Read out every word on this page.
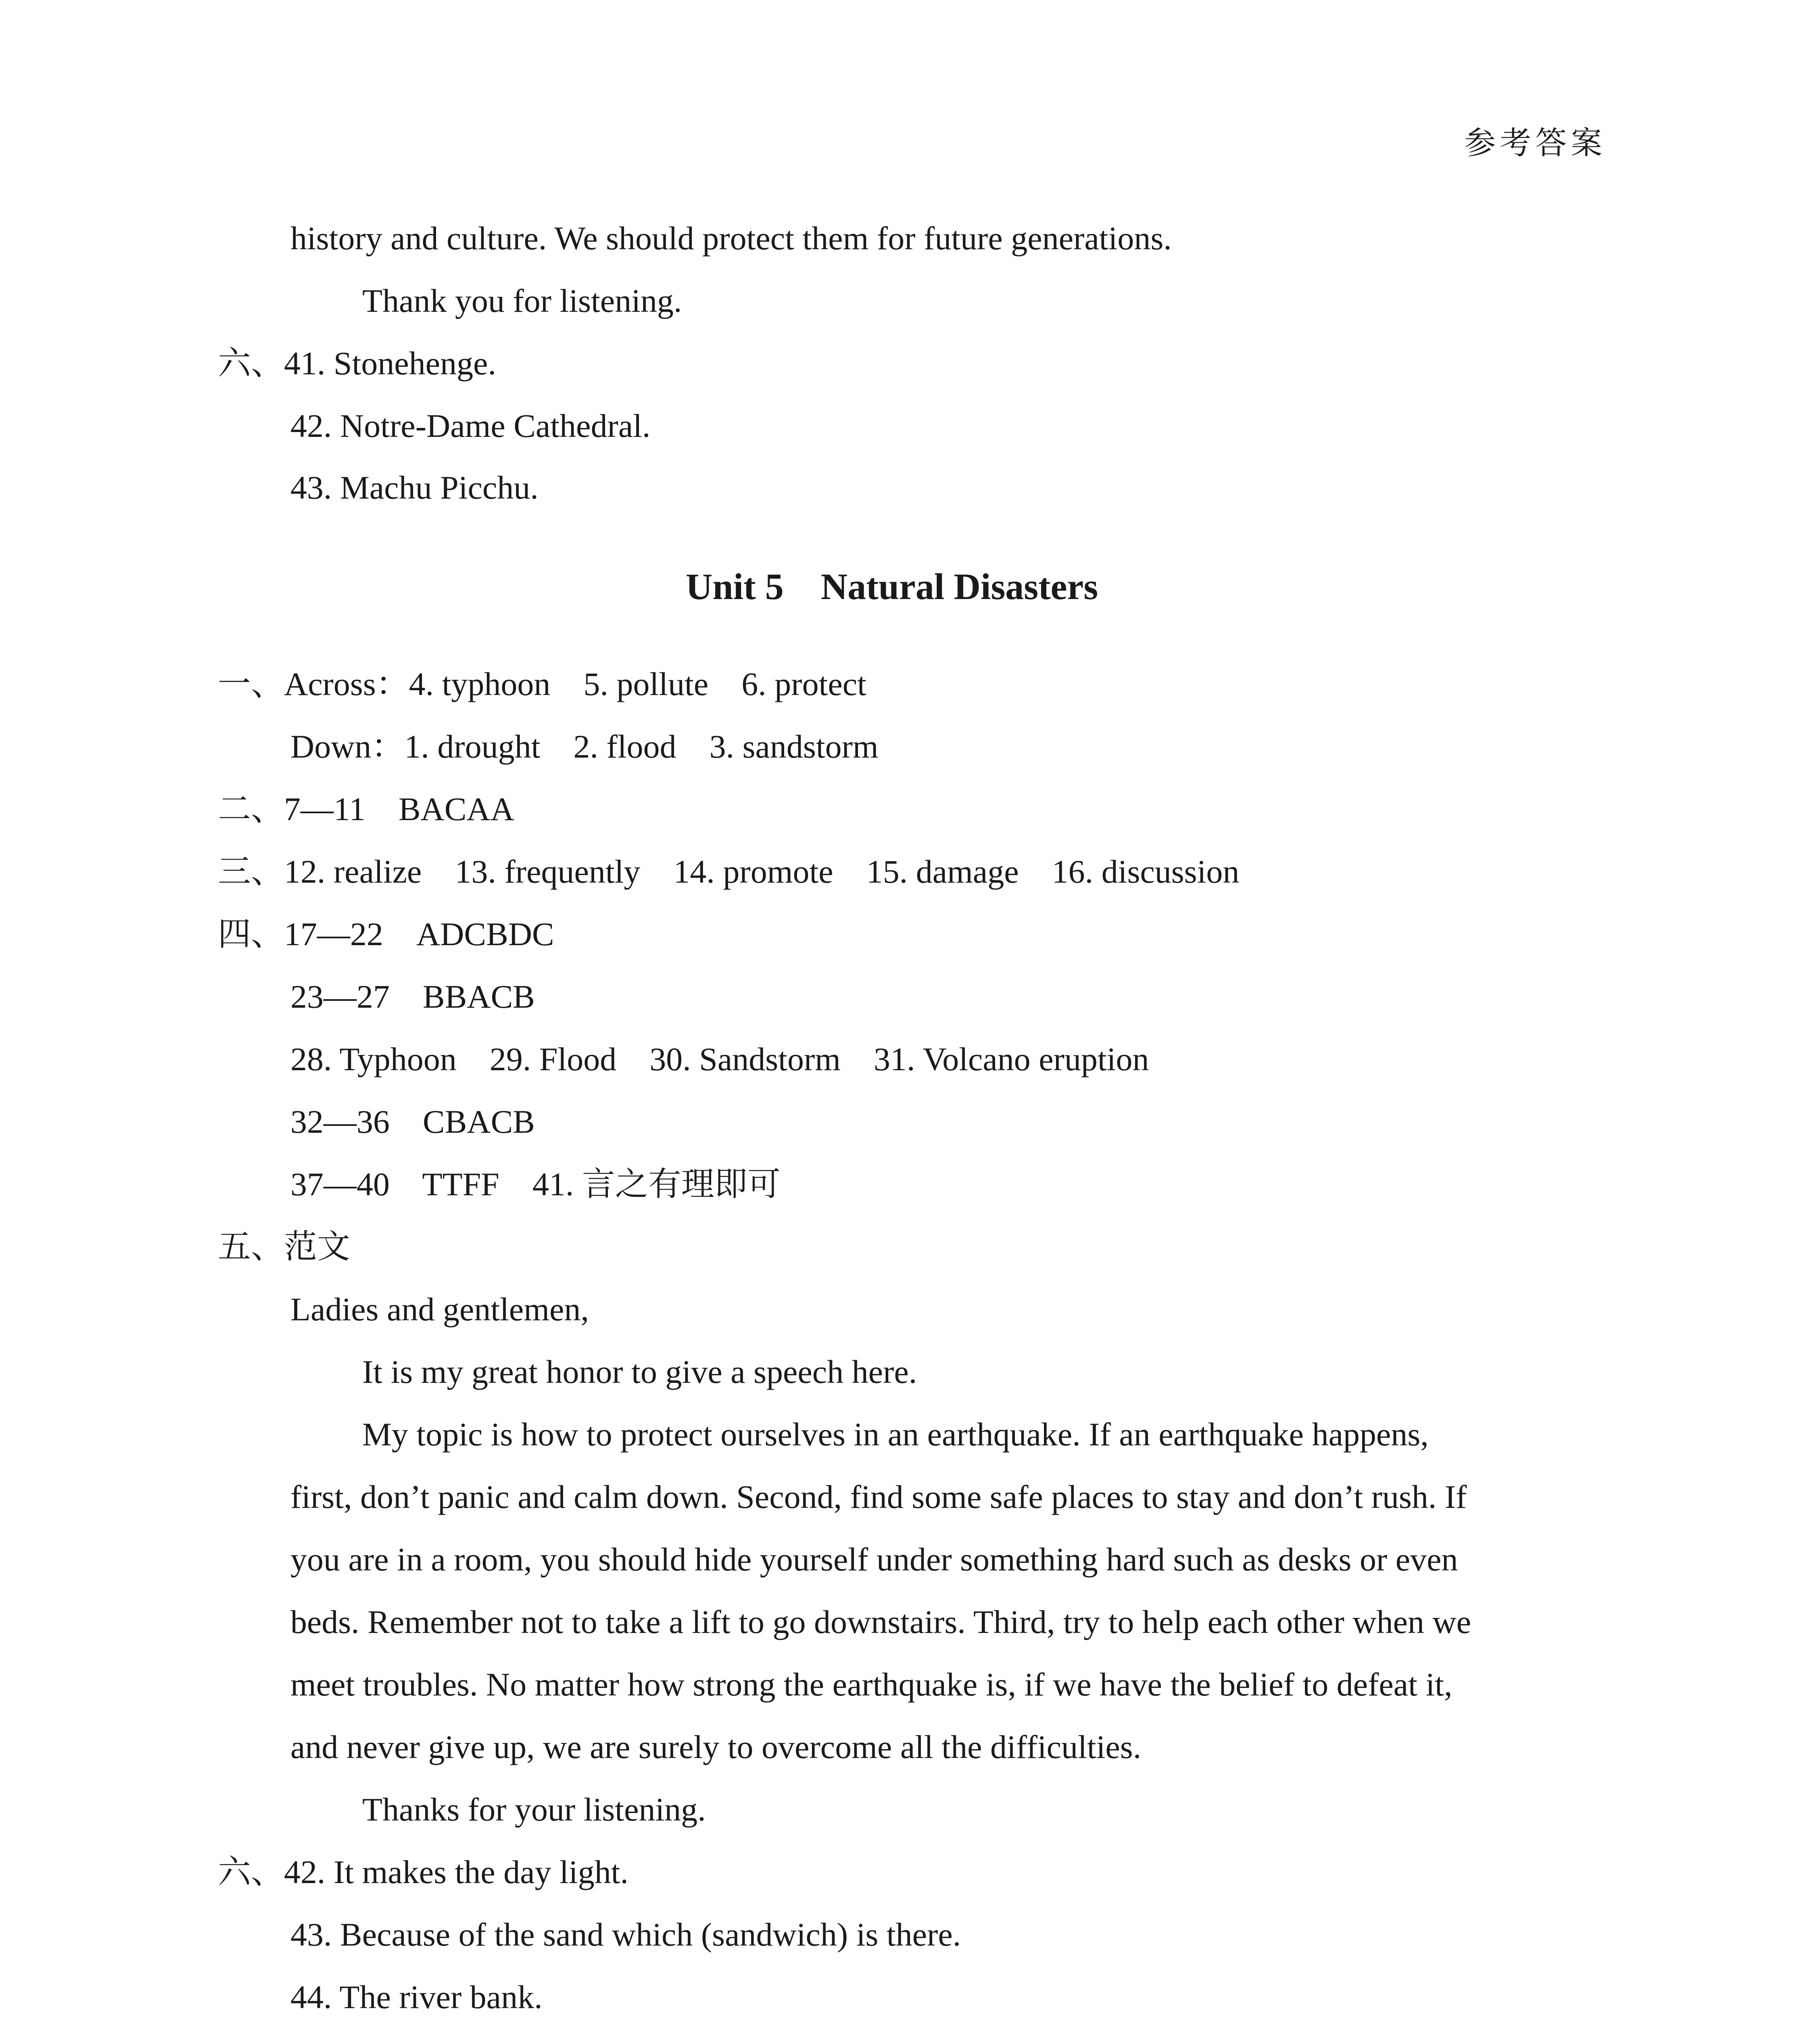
参考答案
history and culture. We should protect them for future generations.
Thank you for listening.
六、41. Stonehenge.
42. Notre-Dame Cathedral.
43. Machu Picchu.
Unit 5    Natural Disasters
一、Across：4. typhoon    5. pollute    6. protect
Down：1. drought    2. flood    3. sandstorm
二、7—11    BACAA
三、12. realize    13. frequently    14. promote    15. damage    16. discussion
四、17—22    ADCBDC
23—27    BBACB
28. Typhoon    29. Flood    30. Sandstorm    31. Volcano eruption
32—36    CBACB
37—40    TTFF    41. 言之有理即可
五、范文
Ladies and gentlemen,
It is my great honor to give a speech here.
My topic is how to protect ourselves in an earthquake. If an earthquake happens,
first, don’t panic and calm down. Second, find some safe places to stay and don’t rush. If
you are in a room, you should hide yourself under something hard such as desks or even
beds. Remember not to take a lift to go downstairs. Third, try to help each other when we
meet troubles. No matter how strong the earthquake is, if we have the belief to defeat it,
and never give up, we are surely to overcome all the difficulties.
Thanks for your listening.
六、42. It makes the day light.
43. Because of the sand which (sandwich) is there.
44. The river bank.
